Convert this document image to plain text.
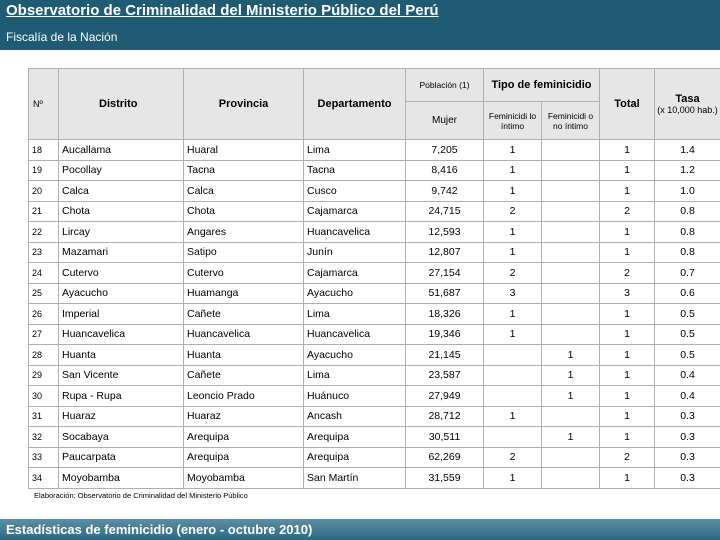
Observatorio de Criminalidad del Ministerio Público del Perú
Fiscalía de la Nación
Nº	Distrito	Provincia	Departamento	Población (1)	Tipo de feminicidio		Total	Tasa
(x 10,000 hab.)

				Mujer	Feminicidi lo íntimo	Feminicidi o no íntimo		
18	Aucallama	Huaral	Lima	7,205	1		1	1.4
19	Pocollay	Tacna	Tacna	8,416	1		1	1.2
20	Calca	Calca	Cusco	9,742	1		1	1.0
21	Chota	Chota	Cajamarca	24,715	2		2	0.8
22	Lircay	Angares	Huancavelica	12,593	1		1	0.8
23	Mazamari	Satipo	Junín	12,807	1		1	0.8
24	Cutervo	Cutervo	Cajamarca	27,154	2		2	0.7
25	Ayacucho	Huamanga	Ayacucho	51,687	3		3	0.6
26	Imperial	Cañete	Lima	18,326	1		1	0.5
27	Huancavelica	Huancavelica	Huancavelica	19,346	1		1	0.5
28	Huanta	Huanta	Ayacucho	21,145		1	1	0.5
29	San Vicente	Cañete	Lima	23,587		1	1	0.4
30	Rupa - Rupa	Leoncio Prado	Huánuco	27,949		1	1	0.4
31	Huaraz	Huaraz	Ancash	28,712	1		1	0.3
32	Socabaya	Arequipa	Arequipa	30,511		1	1	0.3
33	Paucarpata	Arequipa	Arequipa	62,269	2		2	0.3
34	Moyobamba	Moyobamba	San Martín	31,559	1		1	0.3
Elaboración: Observatorio de Criminalidad del Ministerio Público
Estadísticas de feminicidio (enero - octubre 2010)
